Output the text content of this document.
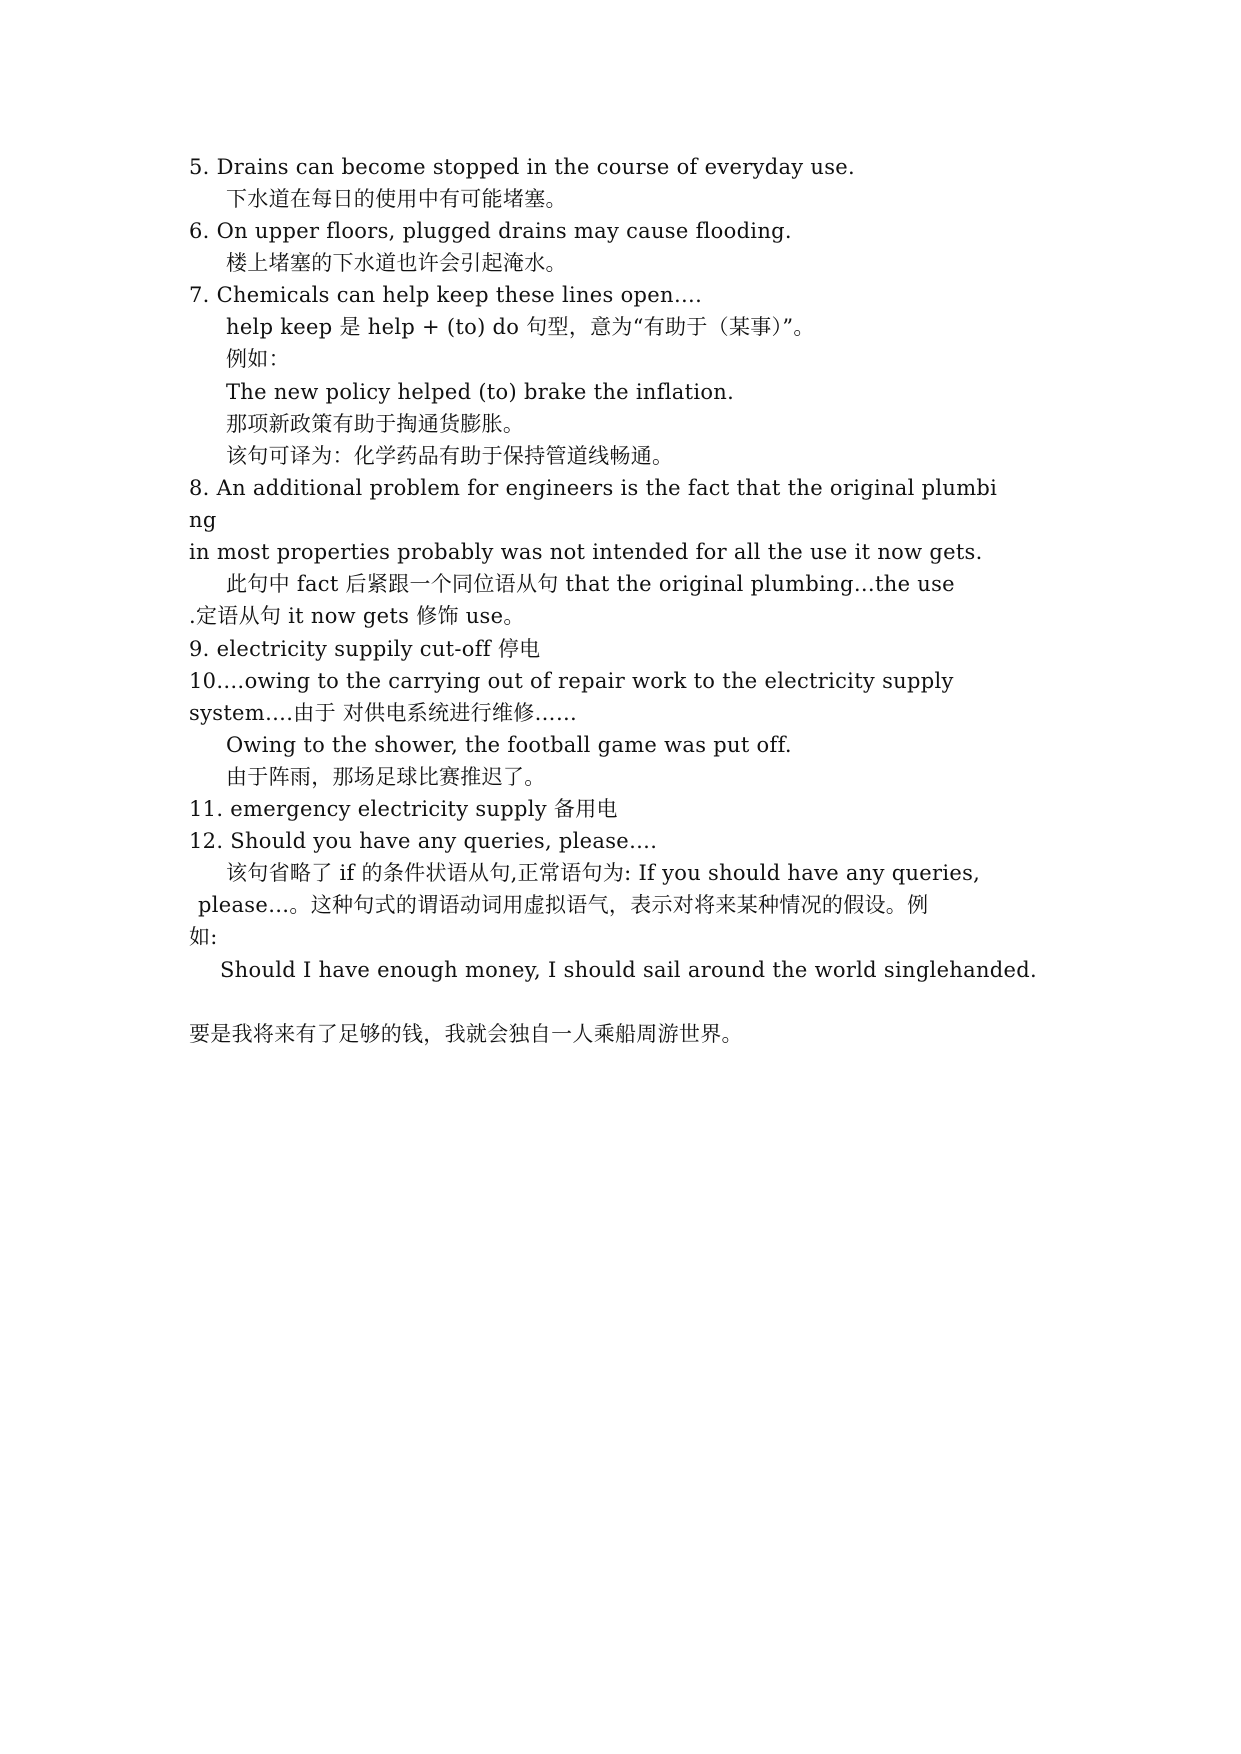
5. Drains can become stopped in the course of everyday use.
下水道在每日的使用中有可能堵塞。
6. On upper floors, plugged drains may cause flooding.
楼上堵塞的下水道也许会引起淹水。
7. Chemicals can help keep these lines open….
help keep 是 help + (to) do 句型，意为“有助于（某事）”。
例如：
The new policy helped (to) brake the inflation.
那项新政策有助于掏通货膨胀。
该句可译为：化学药品有助于保持管道线畅通。
8. An additional problem for engineers is the fact that the original plumbi
ng
in most properties probably was not intended for all the use it now gets.
此句中 fact 后紧跟一个同位语从句 that the original plumbing…the use
.定语从句 it now gets 修饰 use。
9. electricity suppily cut-off 停电
10.…owing to the carrying out of repair work to the electricity supply
system….由于 对供电系统进行维修……
Owing to the shower, the football game was put off.
由于阵雨，那场足球比赛推迟了。
11. emergency electricity supply 备用电
12. Should you have any queries, please….
该句省略了 if 的条件状语从句,正常语句为: If you should have any queries,
please…。这种句式的谓语动词用虚拟语气，表示对将来某种情况的假设。例
如:
Should I have enough money, I should sail around the world singlehanded.
要是我将来有了足够的钱，我就会独自一人乘船周游世界。
